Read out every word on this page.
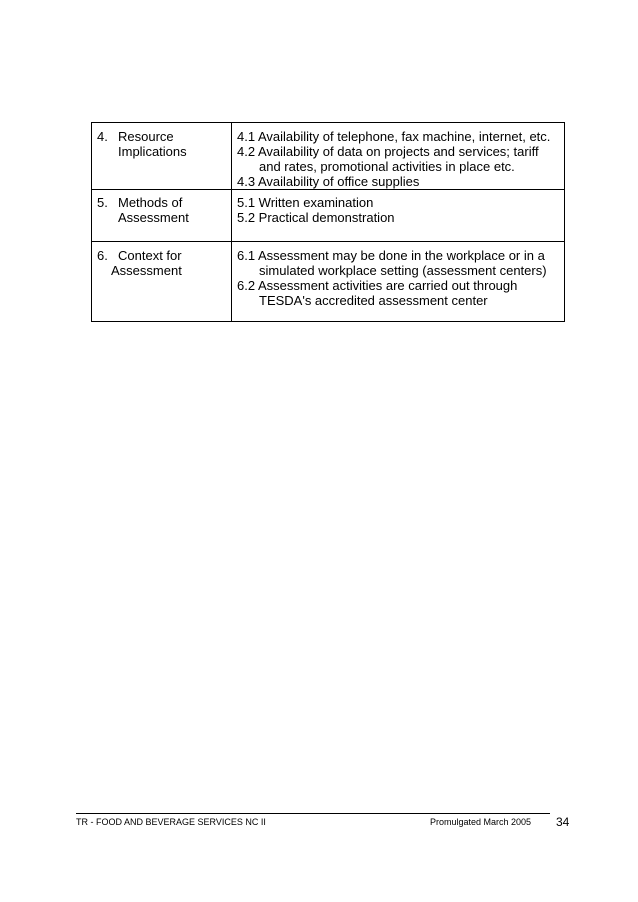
4. Resource
Implications	4.1 Availability of telephone, fax machine, internet, etc.
4.2 Availability of data on projects and services; tariff
and rates, promotional activities in place etc.
4.3 Availability of office supplies

5. Methods of
Assessment	5.1 Written examination
5.2 Practical demonstration

6. Context for
Assessment	6.1 Assessment may be done in the workplace or in a
simulated workplace setting (assessment centers)
6.2 Assessment activities are carried out through
TESDA's accredited assessment center
TR - FOOD AND BEVERAGE SERVICES NC II	Promulgated March 2005 34
